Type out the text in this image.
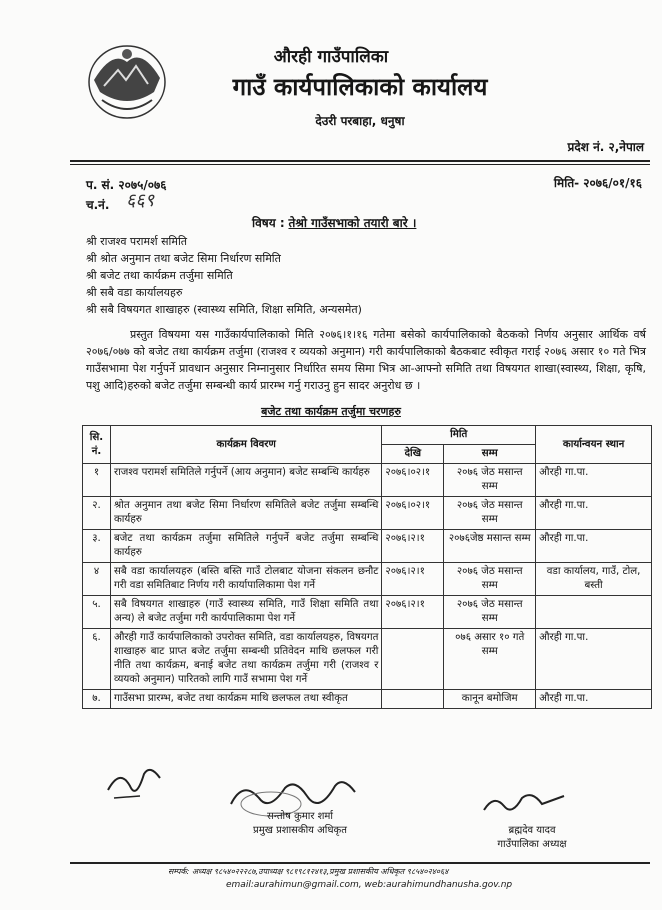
औरही गाउँपालिका
गाउँ कार्यपालिकाको कार्यालय
देउरी परबाहा, धनुषा
प्रदेश नं. २,नेपाल
प. सं. २०७५/०७६	मिति- २०७६/०१/१६
च.नं. ६६९
विषय : तेश्रो गाउँसभाको तयारी बारे ।
श्री राजश्व परामर्श समिति
श्री श्रोत अनुमान तथा बजेट सिमा निर्धारण समिति
श्री बजेट तथा कार्यक्रम तर्जुमा समिति
श्री सबै वडा कार्यालयहरु
श्री सबै विषयगत शाखाहरु (स्वास्थ्य समिति, शिक्षा समिति, अन्यसमेत)
प्रस्तुत विषयमा यस गाउँकार्यपालिकाको मिति २०७६।१।१६ गतेमा बसेको कार्यपालिकाको बैठकको निर्णय अनुसार आर्थिक वर्ष २०७६/०७७ को बजेट तथा कार्यक्रम तर्जुमा (राजश्व र व्ययको अनुमान) गरी कार्यपालिकाको बैठकबाट स्वीकृत गराई २०७६ असार १० गते भित्र गाउँसभामा पेश गर्नुपर्ने प्रावधान अनुसार निम्नानुसार निर्धारित समय सिमा भित्र आ-आफ्नो समिति तथा विषयगत शाखा(स्वास्थ्य, शिक्षा, कृषि, पशु आदि)हरुको बजेट तर्जुमा सम्बन्धी कार्य प्रारम्भ गर्नु गराउनु हुन सादर अनुरोध छ ।
बजेट तथा कार्यक्रम तर्जुमा चरणहरु
सि. नं.	कार्यक्रम विवरण	मिति		कार्यान्वयन स्थान
		देखि	सम्म	
१	राजश्व परामर्श समितिले गर्नुपर्ने (आय अनुमान) बजेट सम्बन्धि कार्यहरु	२०७६।०२।१	२०७६ जेठ मसान्त सम्म	औरही गा.पा.
२.	श्रोत अनुमान तथा बजेट सिमा निर्धारण समितिले बजेट तर्जुमा सम्बन्धि कार्यहरु	२०७६।०२।१	२०७६ जेठ मसान्त सम्म	औरही गा.पा.
३.	बजेट तथा कार्यक्रम तर्जुमा समितिले गर्नुपर्ने बजेट तर्जुमा सम्बन्धि कार्यहरु	२०७६।२।१	२०७६जेष्ठ मसान्त सम्म	औरही गा.पा.
४	सबै वडा कार्यालयहरु (बस्ति बस्ति गाउँ टोलबाट योजना संकलन छनौट गरी वडा समितिबाट निर्णय गरी कार्यापालिकामा पेश गर्ने	२०७६।२।१	२०७६ जेठ मसान्त सम्म	वडा कार्यालय, गाउँ, टोल, बस्ती
५.	सबै विषयगत शाखाहरु (गाउँ स्वास्थ्य समिति, गाउँ शिक्षा समिति तथा अन्य) ले बजेट तर्जुमा गरी कार्यपालिकामा पेश गर्ने	२०७६।२।१	२०७६ जेठ मसान्त सम्म	
६.	औरही गाउँ कार्यपालिकाको उपरोक्त समिति, वडा कार्यालयहरु, विषयगत शाखाहरु बाट प्राप्त बजेट तर्जुमा सम्बन्धी प्रतिवेदन माथि छलफल गरी नीति तथा कार्यक्रम, बनाई बजेट तथा कार्यक्रम तर्जुमा गरी (राजश्व र व्ययको अनुमान) पारितको लागि गाउँ सभामा पेश गर्ने		०७६ असार १० गते सम्म	औरही गा.पा.
७.	गाउँसभा प्रारम्भ, बजेट तथा कार्यक्रम माथि छलफल तथा स्वीकृत		कानून बमोजिम	औरही गा.पा.
सन्तोष कुमार शर्मा
प्रमुख प्रशासकीय अधिकृत	ब्रह्मदेव यादव
गाउँपालिका अध्यक्ष
सम्पर्क: अध्यक्ष ९८५४०२२२८७,उपाध्यक्ष ९८१९८१२४१३,प्रमुख प्रशासकीय अधिकृत ९८५४०२४०६४
email:aurahimun@gmail.com, web:aurahimundhanusha.gov.np
